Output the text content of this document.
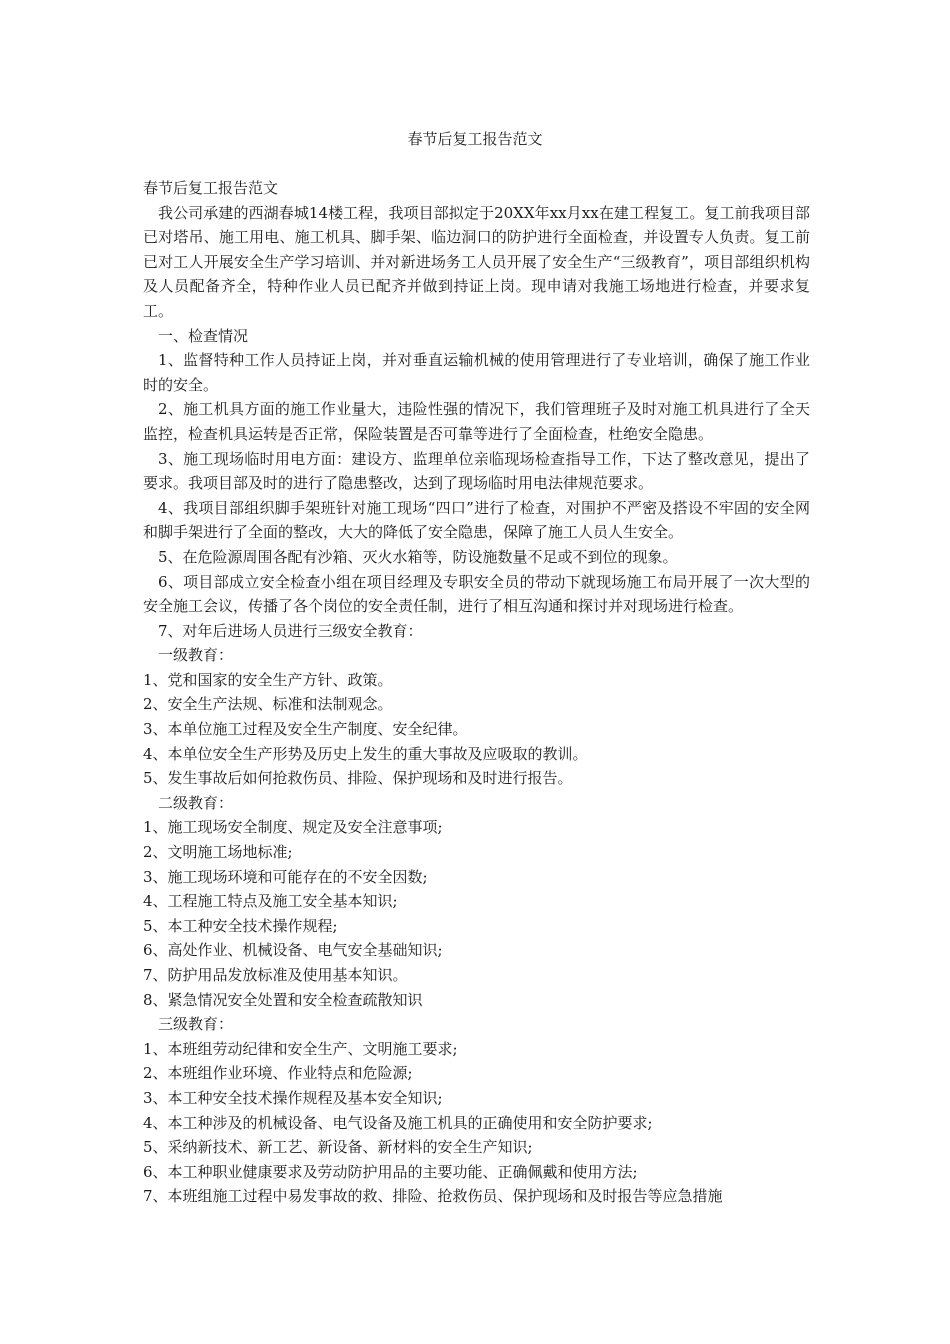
春节后复工报告范文

春节后复工报告范文

我公司承建的西湖春城14楼工程，我项目部拟定于20XX年xx月xx在建工程复工。复工前我项目部已对塔吊、施工用电、施工机具、脚手架、临边洞口的防护进行全面检查，并设置专人负责。复工前已对工人开展安全生产学习培训、并对新进场务工人员开展了安全生产“三级教育”，项目部组织机构及人员配备齐全，特种作业人员已配齐并做到持证上岗。现申请对我施工场地进行检查，并要求复工。

一、检查情况

1、监督特种工作人员持证上岗，并对垂直运输机械的使用管理进行了专业培训，确保了施工作业时的安全。

2、施工机具方面的施工作业量大，违险性强的情况下，我们管理班子及时对施工机具进行了全天监控，检查机具运转是否正常，保险装置是否可靠等进行了全面检查，杜绝安全隐患。

3、施工现场临时用电方面：建设方、监理单位亲临现场检查指导工作，下达了整改意见，提出了要求。我项目部及时的进行了隐患整改，达到了现场临时用电法律规范要求。

4、我项目部组织脚手架班针对施工现场“四口”进行了检查，对围护不严密及搭设不牢固的安全网和脚手架进行了全面的整改，大大的降低了安全隐患，保障了施工人员人生安全。

5、在危险源周围各配有沙箱、灭火水箱等，防设施数量不足或不到位的现象。

6、项目部成立安全检查小组在项目经理及专职安全员的带动下就现场施工布局开展了一次大型的安全施工会议，传播了各个岗位的安全责任制，进行了相互沟通和探讨并对现场进行检查。

7、对年后进场人员进行三级安全教育：

一级教育：

1、党和国家的安全生产方针、政策。

2、安全生产法规、标准和法制观念。

3、本单位施工过程及安全生产制度、安全纪律。

4、本单位安全生产形势及历史上发生的重大事故及应吸取的教训。

5、发生事故后如何抢救伤员、排险、保护现场和及时进行报告。

二级教育：

1、施工现场安全制度、规定及安全注意事项;

2、文明施工场地标准;

3、施工现场环境和可能存在的不安全因数;

4、工程施工特点及施工安全基本知识;

5、本工种安全技术操作规程;

6、高处作业、机械设备、电气安全基础知识;

7、防护用品发放标准及使用基本知识。

8、紧急情况安全处置和安全检查疏散知识

三级教育：

1、本班组劳动纪律和安全生产、文明施工要求;

2、本班组作业环境、作业特点和危险源;

3、本工种安全技术操作规程及基本安全知识;

4、本工种涉及的机械设备、电气设备及施工机具的正确使用和安全防护要求;

5、采纳新技术、新工艺、新设备、新材料的安全生产知识;

6、本工种职业健康要求及劳动防护用品的主要功能、正确佩戴和使用方法;

7、本班组施工过程中易发事故的救、排险、抢救伤员、保护现场和及时报告等应急措施
